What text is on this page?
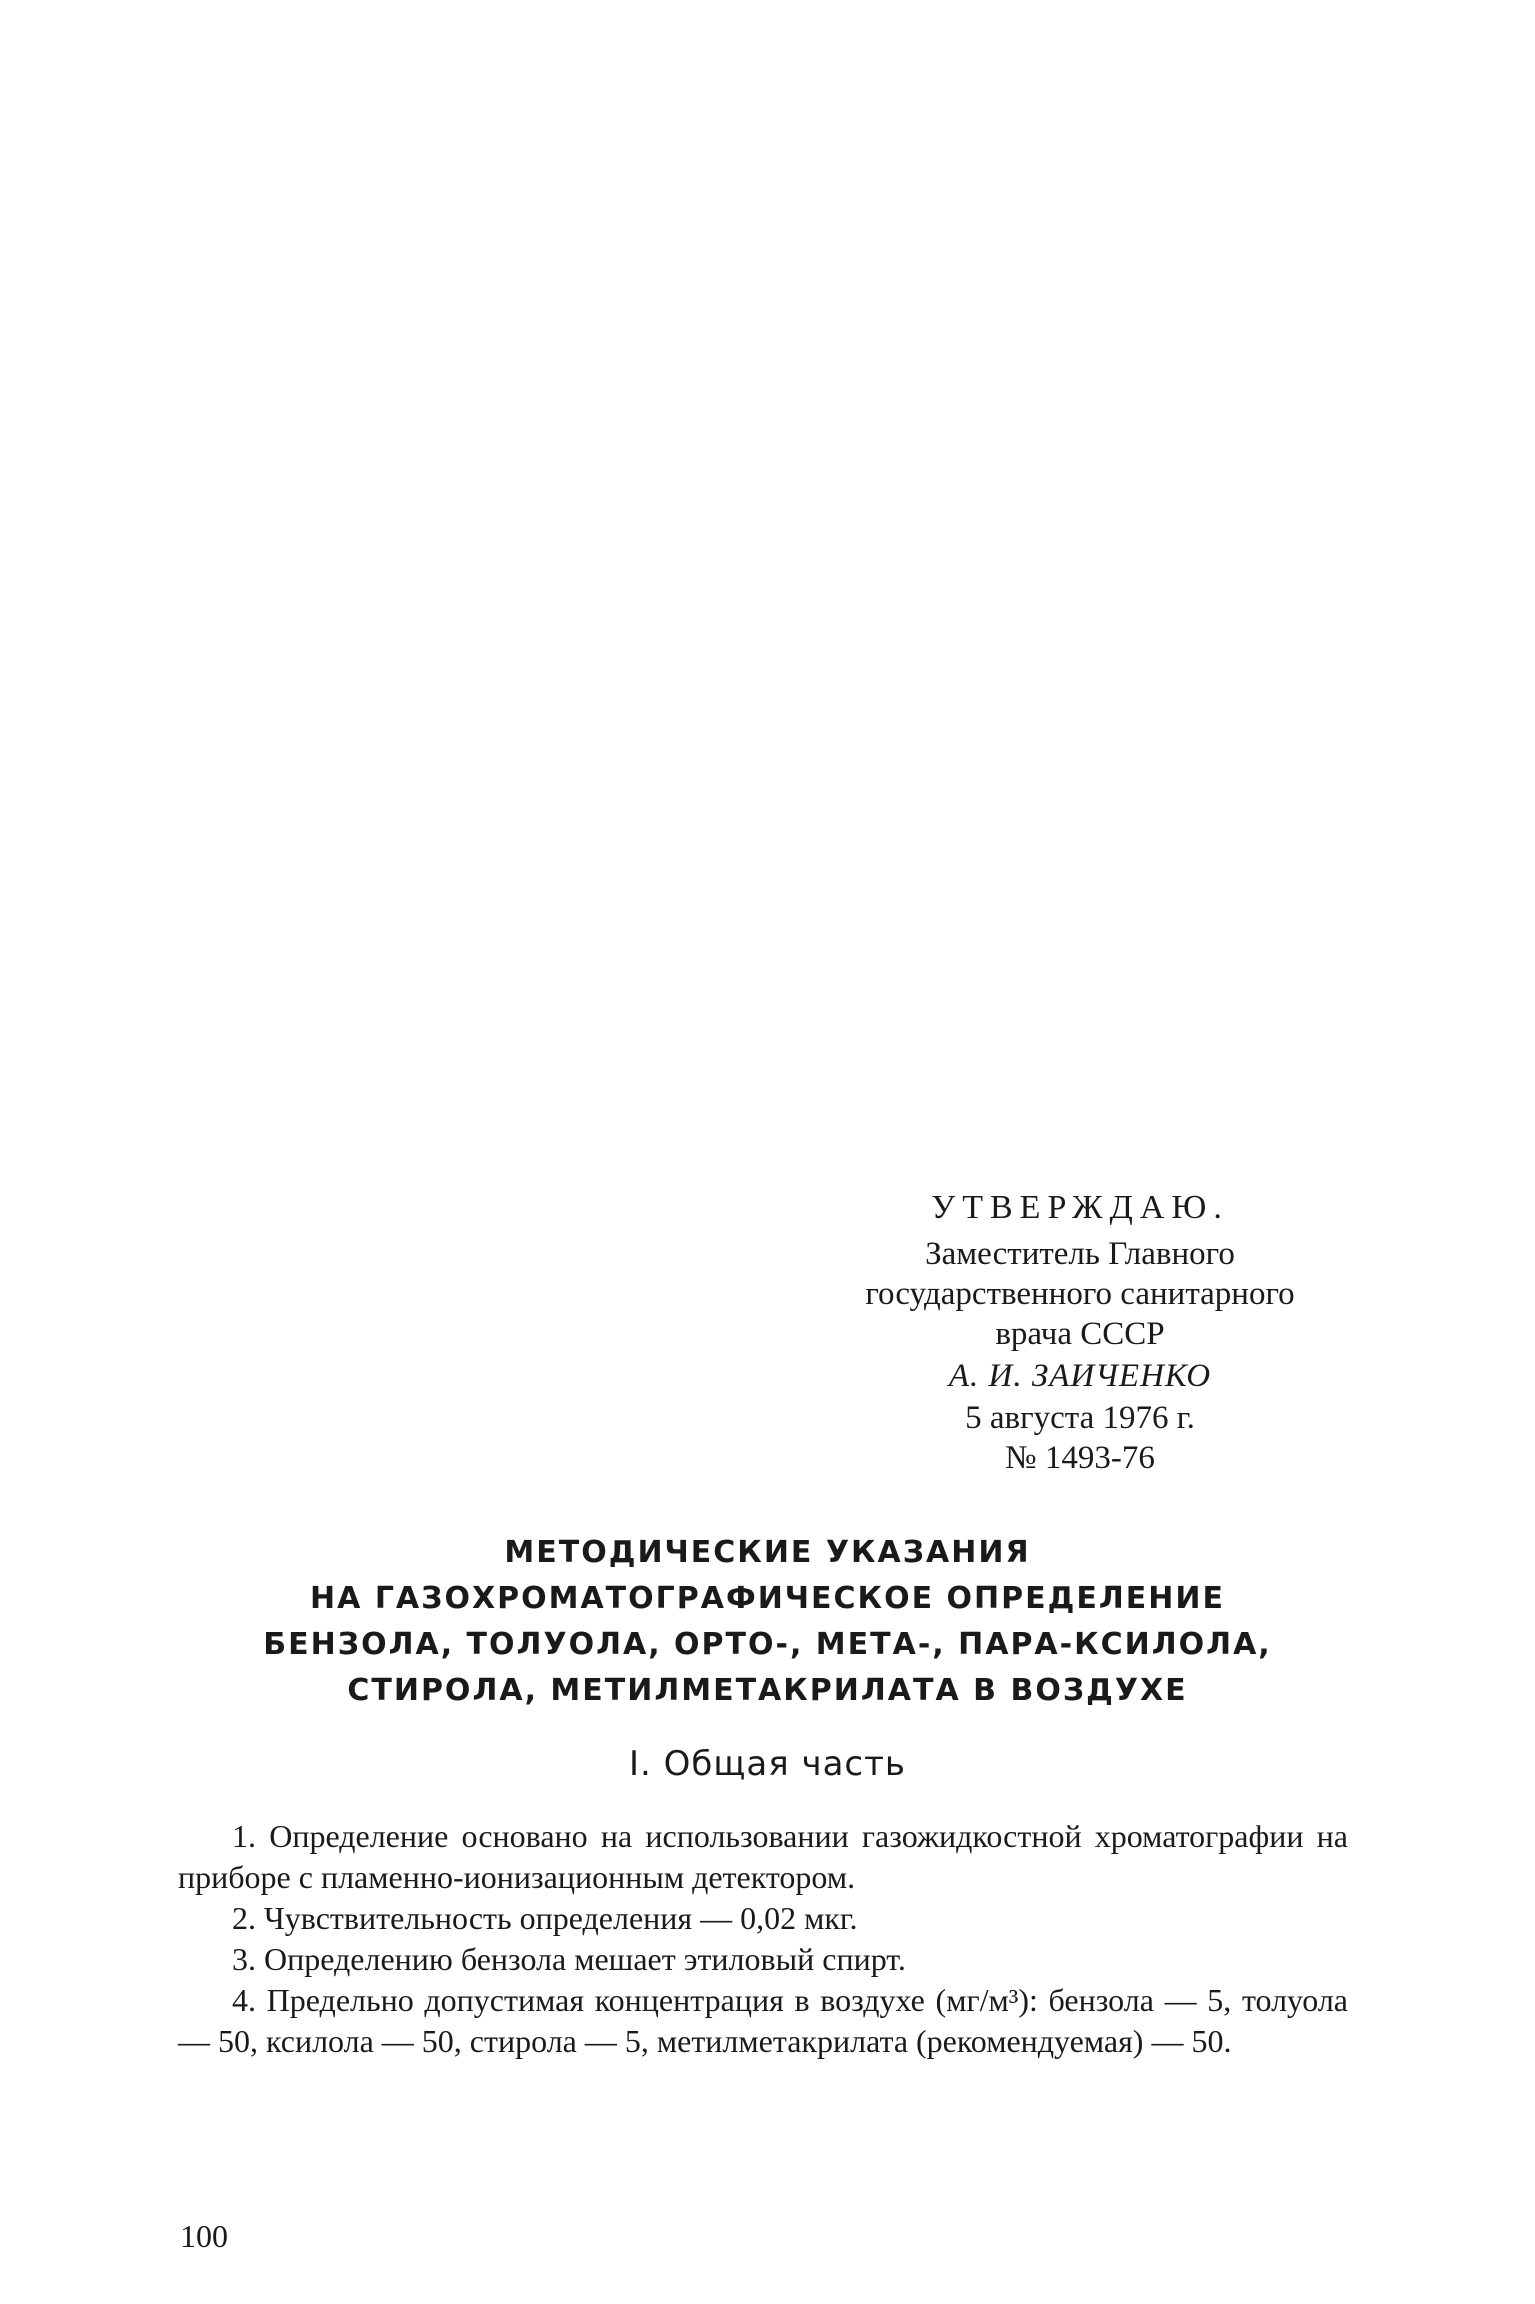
УТВЕРЖДАЮ.
Заместитель Главного
государственного санитарного
врача СССР
А. И. ЗАИЧЕНКО
5 августа 1976 г.
№ 1493-76
МЕТОДИЧЕСКИЕ УКАЗАНИЯ
НА ГАЗОХРОМАТОГРАФИЧЕСКОЕ ОПРЕДЕЛЕНИЕ
БЕНЗОЛА, ТОЛУОЛА, ОРТО-, МЕТА-, ПАРА-КСИЛОЛА,
СТИРОЛА, МЕТИЛМЕТАКРИЛАТА В ВОЗДУХЕ
I. Общая часть

1. Определение основано на использовании газожидкостной хроматографии на приборе с пламенно-ионизационным детектором.

2. Чувствительность определения — 0,02 мкг.

3. Определению бензола мешает этиловый спирт.

4. Предельно допустимая концентрация в воздухе (мг/м³): бензола — 5, толуола — 50, ксилола — 50, стирола — 5, метилметакрилата (рекомендуемая) — 50.

100
